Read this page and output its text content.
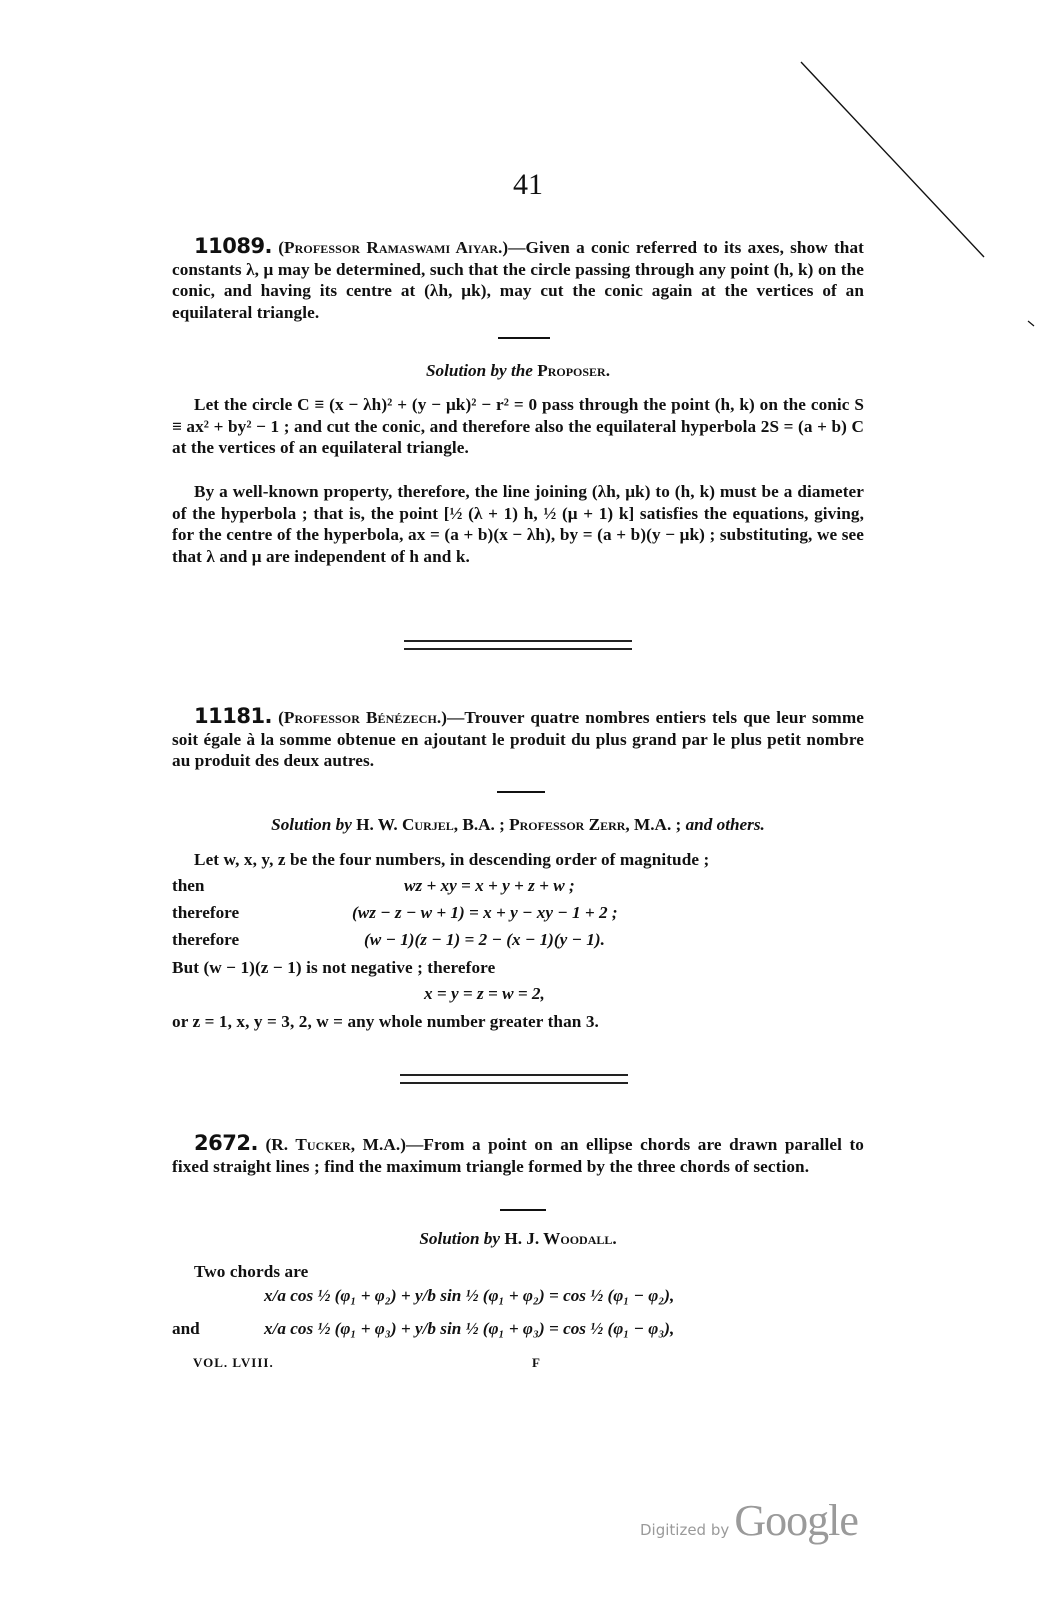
41
11089. (Professor Ramaswami Aiyar.)—Given a conic referred to its axes, show that constants λ, μ may be determined, such that the circle passing through any point (h, k) on the conic, and having its centre at (λh, μk), may cut the conic again at the vertices of an equilateral triangle.
Solution by the Proposer.
Let the circle C ≡ (x − λh)² + (y − μk)² − r² = 0 pass through the point (h, k) on the conic S ≡ ax² + by² − 1 ; and cut the conic, and therefore also the equilateral hyperbola 2S = (a + b) C at the vertices of an equilateral triangle.
By a well-known property, therefore, the line joining (λh, μk) to (h, k) must be a diameter of the hyperbola ; that is, the point [½ (λ + 1) h, ½ (μ + 1) k] satisfies the equations, giving, for the centre of the hyperbola, ax = (a + b)(x − λh), by = (a + b)(y − μk) ; substituting, we see that λ and μ are independent of h and k.
11181. (Professor Bénézech.)—Trouver quatre nombres entiers tels que leur somme soit égale à la somme obtenue en ajoutant le produit du plus grand par le plus petit nombre au produit des deux autres.
Solution by H. W. Curjel, B.A. ; Professor Zerr, M.A. ; and others.
Let w, x, y, z be the four numbers, in descending order of magnitude ;
then	wz + xy = x + y + z + w ;
therefore	(wz − z − w + 1) = x + y − xy − 1 + 2 ;
therefore	(w − 1)(z − 1) = 2 − (x − 1)(y − 1).
But (w − 1)(z − 1) is not negative ; therefore
x = y = z = w = 2,
or z = 1, x, y = 3, 2, w = any whole number greater than 3.
2672. (R. Tucker, M.A.)—From a point on an ellipse chords are drawn parallel to fixed straight lines ; find the maximum triangle formed by the three chords of section.
Solution by H. J. Woodall.
Two chords are
x/a cos ½ (φ₁ + φ₂) + y/b sin ½ (φ₁ + φ₂) = cos ½ (φ₁ − φ₂),
and	x/a cos ½ (φ₁ + φ₃) + y/b sin ½ (φ₁ + φ₃) = cos ½ (φ₁ − φ₃),
VOL. LVIII.	F
Digitized by Google
